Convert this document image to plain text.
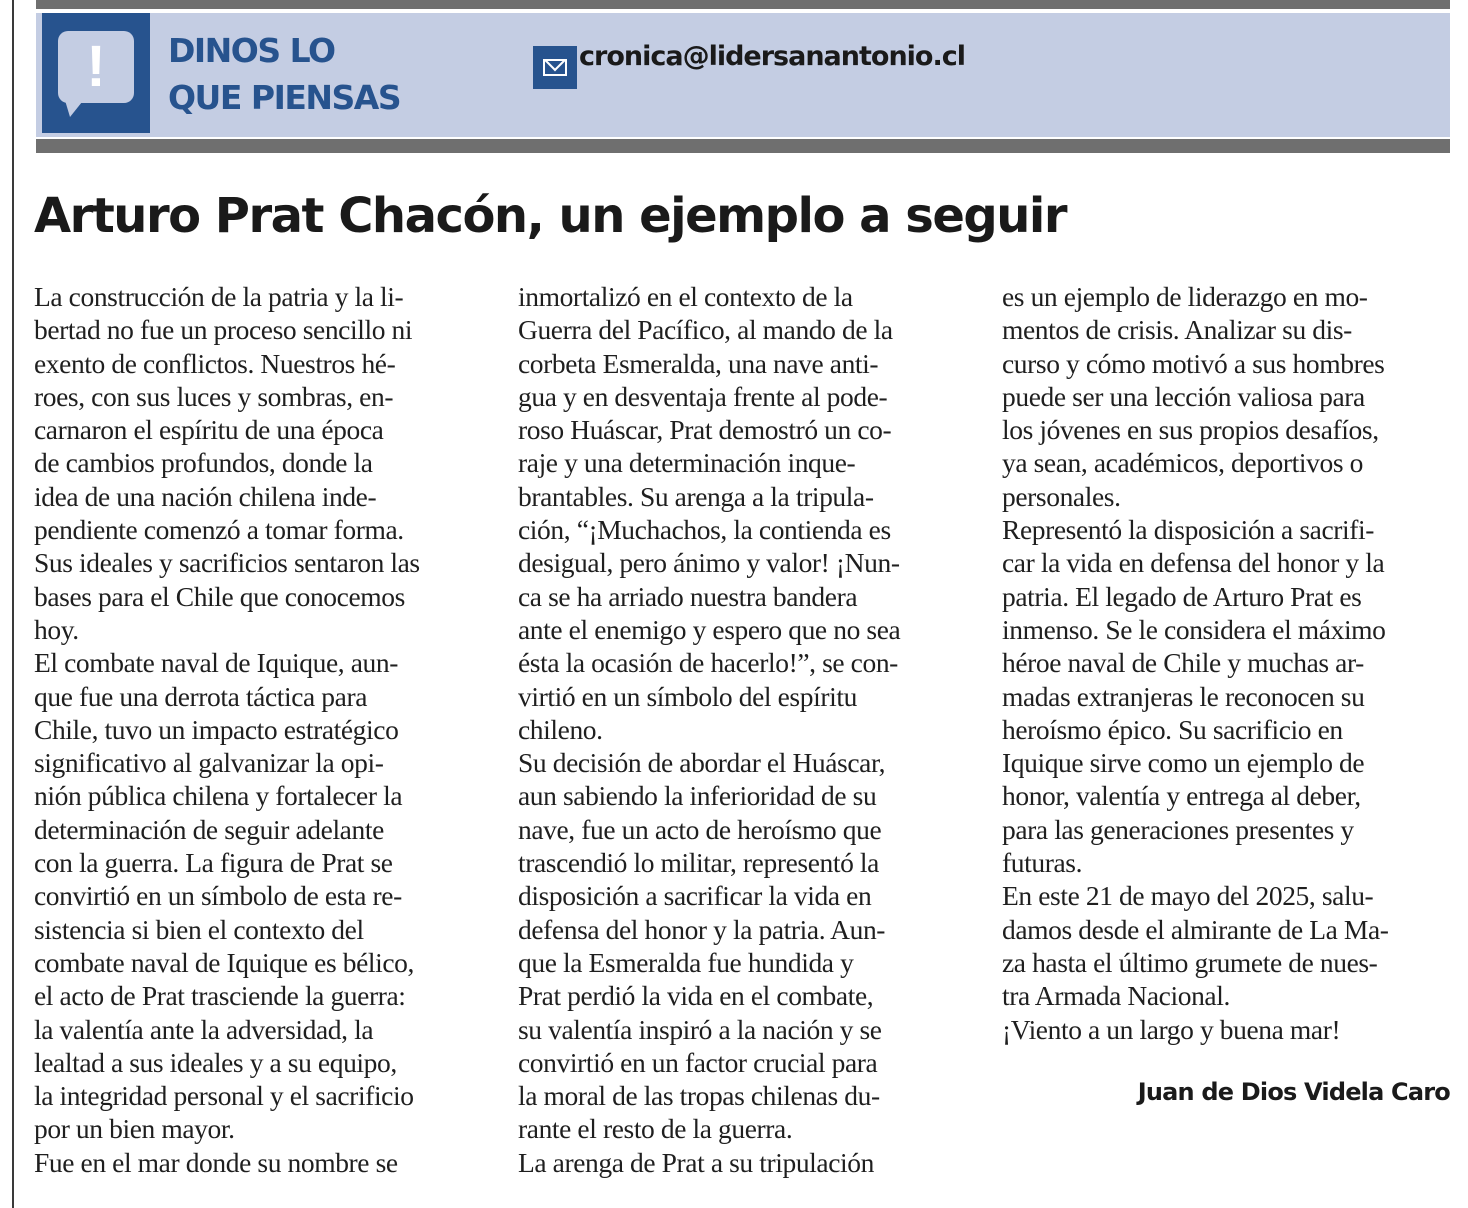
!	DINOS LO
QUE PIENSAS
cronica@lidersanantonio.cl
Arturo Prat Chacón, un ejemplo a seguir
La construcción de la patria y la li-
bertad no fue un proceso sencillo ni
exento de conflictos. Nuestros hé-
roes, con sus luces y sombras, en-
carnaron el espíritu de una época
de cambios profundos, donde la
idea de una nación chilena inde-
pendiente comenzó a tomar forma.
Sus ideales y sacrificios sentaron las
bases para el Chile que conocemos
hoy.
El combate naval de Iquique, aun-
que fue una derrota táctica para
Chile, tuvo un impacto estratégico
significativo al galvanizar la opi-
nión pública chilena y fortalecer la
determinación de seguir adelante
con la guerra. La figura de Prat se
convirtió en un símbolo de esta re-
sistencia si bien el contexto del
combate naval de Iquique es bélico,
el acto de Prat trasciende la guerra:
la valentía ante la adversidad, la
lealtad a sus ideales y a su equipo,
la integridad personal y el sacrificio
por un bien mayor.
Fue en el mar donde su nombre se
inmortalizó en el contexto de la
Guerra del Pacífico, al mando de la
corbeta Esmeralda, una nave anti-
gua y en desventaja frente al pode-
roso Huáscar, Prat demostró un co-
raje y una determinación inque-
brantables. Su arenga a la tripula-
ción, “¡Muchachos, la contienda es
desigual, pero ánimo y valor! ¡Nun-
ca se ha arriado nuestra bandera
ante el enemigo y espero que no sea
ésta la ocasión de hacerlo!”, se con-
virtió en un símbolo del espíritu
chileno.
Su decisión de abordar el Huáscar,
aun sabiendo la inferioridad de su
nave, fue un acto de heroísmo que
trascendió lo militar, representó la
disposición a sacrificar la vida en
defensa del honor y la patria. Aun-
que la Esmeralda fue hundida y
Prat perdió la vida en el combate,
su valentía inspiró a la nación y se
convirtió en un factor crucial para
la moral de las tropas chilenas du-
rante el resto de la guerra.
La arenga de Prat a su tripulación
es un ejemplo de liderazgo en mo-
mentos de crisis. Analizar su dis-
curso y cómo motivó a sus hombres
puede ser una lección valiosa para
los jóvenes en sus propios desafíos,
ya sean, académicos, deportivos o
personales.
Representó la disposición a sacrifi-
car la vida en defensa del honor y la
patria. El legado de Arturo Prat es
inmenso. Se le considera el máximo
héroe naval de Chile y muchas ar-
madas extranjeras le reconocen su
heroísmo épico. Su sacrificio en
Iquique sirve como un ejemplo de
honor, valentía y entrega al deber,
para las generaciones presentes y
futuras.
En este 21 de mayo del 2025, salu-
damos desde el almirante de La Ma-
za hasta el último grumete de nues-
tra Armada Nacional.
¡Viento a un largo y buena mar!
Juan de Dios Videla Caro
